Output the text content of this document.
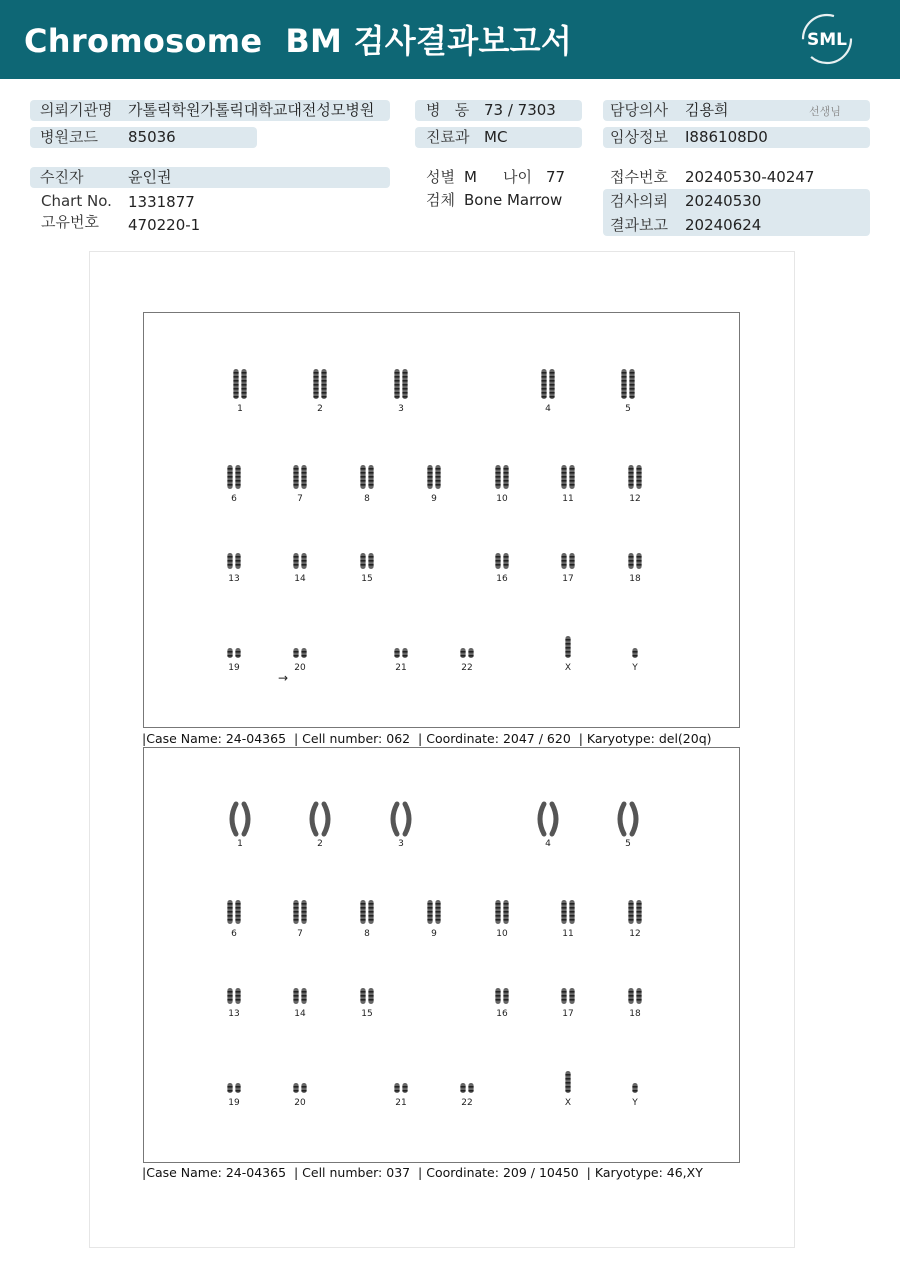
Chromosome  BM 검사결과보고서	SML
의뢰기관명 가톨릭학원가톨릭대학교대전성모병원	병   동 73 / 7303	담당의사 김용희	선생님
병원코드 85036	진료과 MC	임상정보 I886108D0
수진자	윤인권
Chart No. 1331877
고유번호 470220-1
성별 M 나이 77
검체 Bone Marrow
접수번호 20240530-40247
검사의뢰 20240530
결과보고 20240624
1	2	3	4	5
6	7	8	9	10	11	12
13	14	15	16	17	18
19	20	21	22	X	Y
→
|Case Name: 24-04365  | Cell number: 062  | Coordinate: 2047 / 620  | Karyotype: del(20q)
1	2	3	4	5
6	7	8	9	10	11	12
13	14	15	16	17	18
19	20	21	22	X	Y
|Case Name: 24-04365  | Cell number: 037  | Coordinate: 209 / 10450  | Karyotype: 46,XY
